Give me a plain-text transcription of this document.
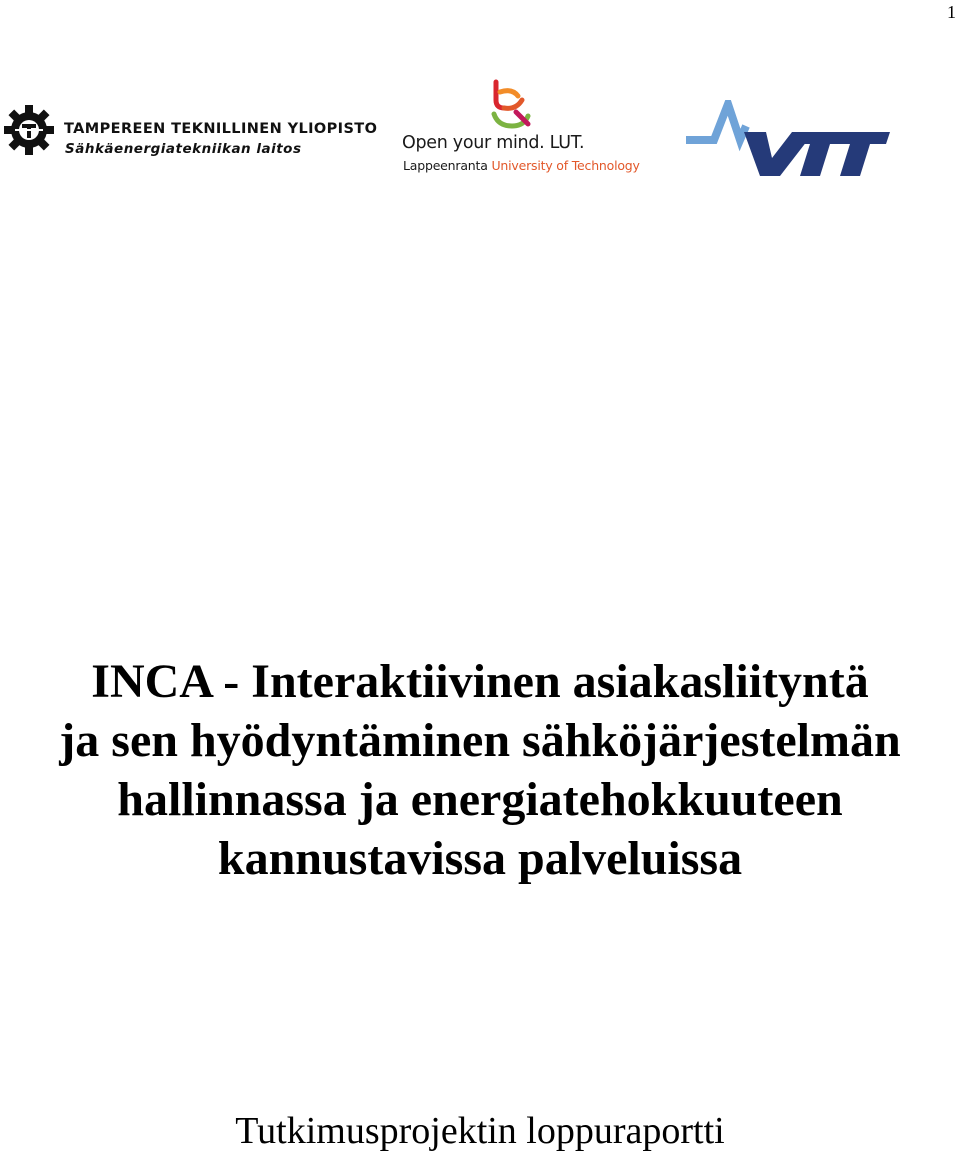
1
TAMPEREEN TEKNILLINEN YLIOPISTO
Sähkäenergiatekniikan laitos	Open your mind. LUT.
Lappeenranta University of Technology
INCA - Interaktiivinen asiakasliityntä
ja sen hyödyntäminen sähköjärjestelmän
hallinnassa ja energiatehokkuuteen
kannustavissa palveluissa
Tutkimusprojektin loppuraportti
